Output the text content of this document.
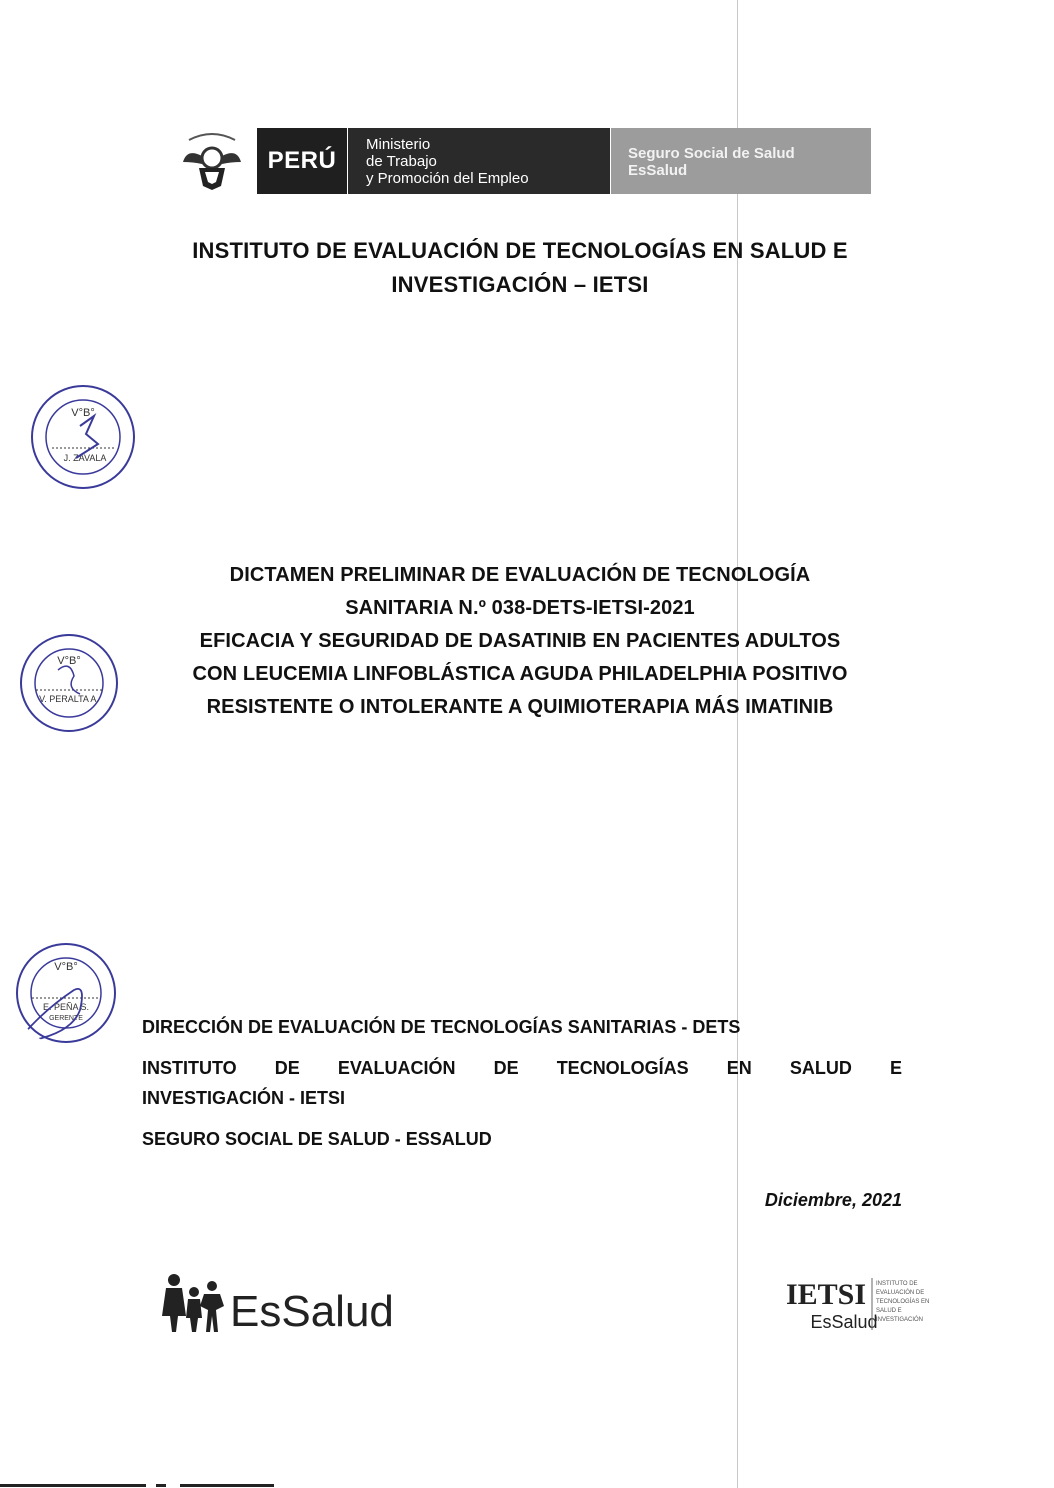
PERÚ
Ministerio
de Trabajo
y Promoción del Empleo
Seguro Social de Salud
EsSalud
INSTITUTO DE EVALUACIÓN DE TECNOLOGÍAS EN SALUD E
INVESTIGACIÓN – IETSI
V°B°
J. ZAVALA
DICTAMEN PRELIMINAR DE EVALUACIÓN DE TECNOLOGÍA
SANITARIA N.º 038-DETS-IETSI-2021
EFICACIA Y SEGURIDAD DE DASATINIB EN PACIENTES ADULTOS
CON LEUCEMIA LINFOBLÁSTICA AGUDA PHILADELPHIA POSITIVO
RESISTENTE O INTOLERANTE A QUIMIOTERAPIA MÁS IMATINIB
V°B°
V. PERALTA A.
V°B°
E. PEÑA S.
GERENTE	DIRECCIÓN DE EVALUACIÓN DE TECNOLOGÍAS SANITARIAS - DETS
INSTITUTO DE EVALUACIÓN DE TECNOLOGÍAS EN SALUD E
INVESTIGACIÓN - IETSI
SEGURO SOCIAL DE SALUD - ESSALUD
Diciembre, 2021
EsSalud	IETSI
EsSalud
INSTITUTO DE
EVALUACIÓN DE
TECNOLOGÍAS EN
SALUD E
INVESTIGACIÓN
